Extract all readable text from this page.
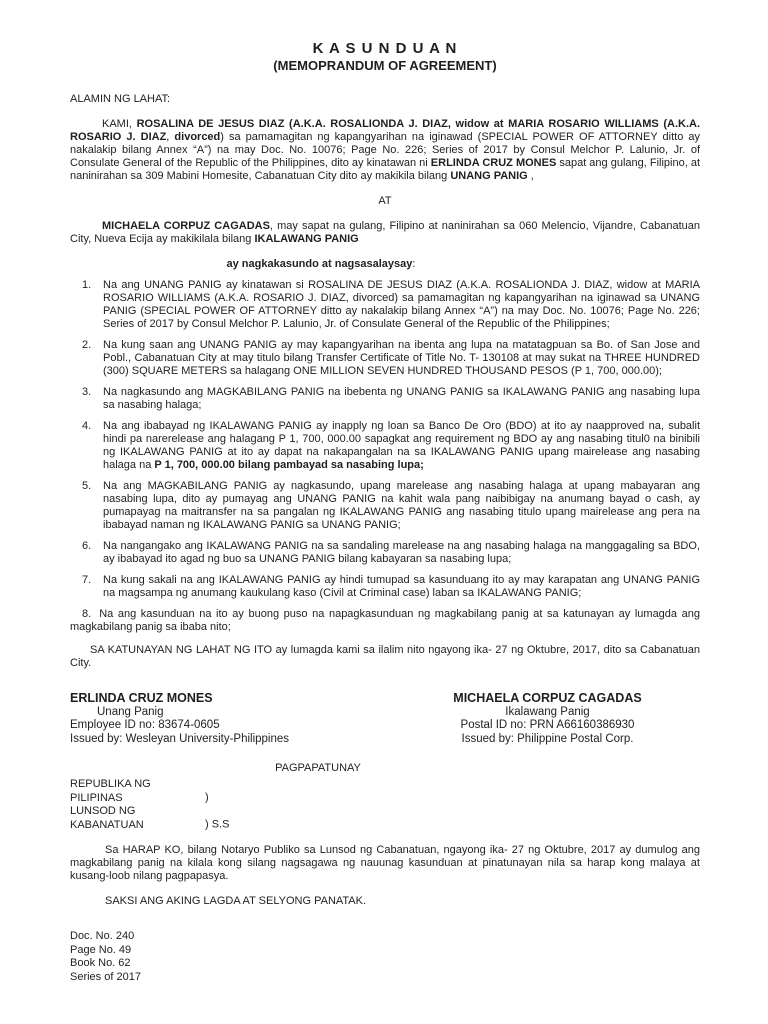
K A S U N D U A N
(MEMOPRANDUM OF AGREEMENT)
ALAMIN NG LAHAT:

KAMI, ROSALINA DE JESUS DIAZ (A.K.A. ROSALIONDA J. DIAZ, widow at MARIA ROSARIO WILLIAMS (A.K.A. ROSARIO J. DIAZ, divorced) sa pamamagitan ng kapangyarihan na iginawad (SPECIAL POWER OF ATTORNEY ditto ay nakalakip bilang Annex “A”) na may Doc. No. 10076; Page No. 226; Series of 2017 by Consul Melchor P. Lalunio, Jr. of Consulate General of the Republic of the Philippines, dito ay kinatawan ni ERLINDA CRUZ MONES sapat ang gulang, Filipino, at naninirahan sa 309 Mabini Homesite, Cabanatuan City dito ay makikila bilang UNANG PANIG ,

AT

MICHAELA CORPUZ CAGADAS, may sapat na gulang, Filipino at naninirahan sa 060 Melencio, Vijandre, Cabanatuan City, Nueva Ecija ay makikilala bilang IKALAWANG PANIG

ay nagkakasundo at nagsasalaysay:
1.	Na ang UNANG PANIG ay kinatawan si ROSALINA DE JESUS DIAZ (A.K.A. ROSALIONDA J. DIAZ, widow at MARIA ROSARIO WILLIAMS (A.K.A. ROSARIO J. DIAZ, divorced) sa pamamagitan ng kapangyarihan na iginawad sa UNANG PANIG (SPECIAL POWER OF ATTORNEY ditto ay nakalakip bilang Annex “A”) na may Doc. No. 10076; Page No. 226; Series of 2017 by Consul Melchor P. Lalunio, Jr. of Consulate General of the Republic of the Philippines;
2.	Na kung saan ang UNANG PANIG ay may kapangyarihan na ibenta ang lupa na matatagpuan sa Bo. of San Jose and Pobl., Cabanatuan City at may titulo bilang Transfer Certificate of Title No. T- 130108 at may sukat na THREE HUNDRED (300) SQUARE METERS sa halagang ONE MILLION SEVEN HUNDRED THOUSAND PESOS (P 1, 700, 000.00);
3.	Na nagkasundo ang MAGKABILANG PANIG na ibebenta ng UNANG PANIG sa IKALAWANG PANIG ang nasabing lupa sa nasabing halaga;
4.	Na ang ibabayad ng IKALAWANG PANIG ay inapply ng loan sa Banco De Oro (BDO) at ito ay naapproved na, subalit hindi pa narerelease ang halagang P 1, 700, 000.00 sapagkat ang requirement ng BDO ay ang nasabing titul0 na binibili ng IKALAWANG PANIG at ito ay dapat na nakapangalan na sa IKALAWANG PANIG upang mairelease ang nasabing halaga na P 1, 700, 000.00 bilang pambayad sa nasabing lupa;
5.	Na ang MAGKABILANG PANIG ay nagkasundo, upang marelease ang nasabing halaga at upang mabayaran ang nasabing lupa, dito ay pumayag ang UNANG PANIG na kahit wala pang naibibigay na anumang bayad o cash, ay pumapayag na maitransfer na sa pangalan ng IKALAWANG PANIG ang nasabing titulo upang mairelease ang pera na ibabayad naman ng IKALAWANG PANIG sa UNANG PANIG;
6.	Na nangangako ang IKALAWANG PANIG na sa sandaling marelease na ang nasabing halaga na manggagaling sa BDO, ay ibabayad ito agad ng buo sa UNANG PANIG bilang kabayaran sa nasabing lupa;
7.	Na kung sakali na ang IKALAWANG PANIG ay hindi tumupad sa kasunduang ito ay may karapatan ang UNANG PANIG na magsampa ng anumang kaukulang kaso (Civil at Criminal case) laban sa IKALAWANG PANIG;

8. Na ang kasunduan na ito ay buong puso na napagkasunduan ng magkabilang panig at sa katunayan ay lumagda ang magkabilang panig sa ibaba nito;

SA KATUNAYAN NG LAHAT NG ITO ay lumagda kami sa ilalim nito ngayong ika- 27 ng Oktubre, 2017, dito sa Cabanatuan City.

ERLINDA CRUZ MONES
Unang Panig
Employee ID no: 83674-0605
Issued by: Wesleyan University-Philippines
MICHAELA CORPUZ CAGADAS
Ikalawang Panig
Postal ID no: PRN A66160386930
Issued by: Philippine Postal Corp.
PAGPAPATUNAY
REPUBLIKA NG PILIPINAS	)
LUNSOD NG KABANATUAN	) S.S

Sa HARAP KO, bilang Notaryo Publiko sa Lunsod ng Cabanatuan, ngayong ika- 27 ng Oktubre, 2017 ay dumulog ang magkabilang panig na kilala kong silang nagsagawa ng nauunag kasunduan at pinatunayan nila sa harap kong malaya at kusang-loob nilang pagpapasya.

SAKSI ANG AKING LAGDA AT SELYONG PANATAK.
Doc. No. 240
Page No. 49
Book No. 62
Series of 2017
